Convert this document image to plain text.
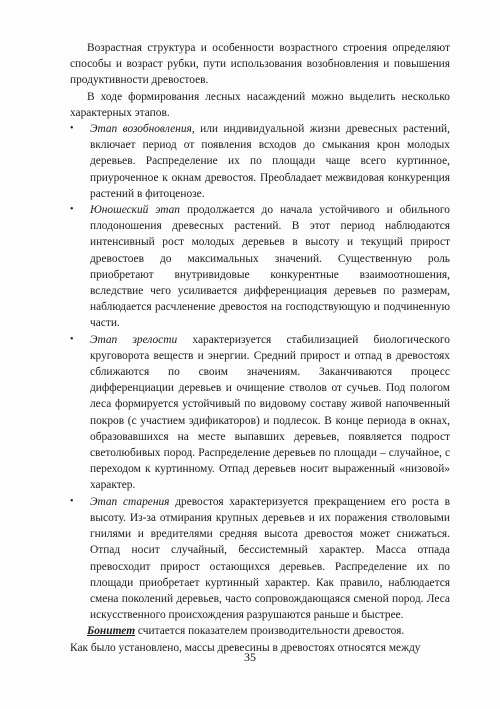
Возрастная структура и особенности возрастного строения определяют способы и возраст рубки, пути использования возобновления и повышения продуктивности древостоев.

В ходе формирования лесных насаждений можно выделить несколько характерных этапов.

• Этап возобновления, или индивидуальной жизни древесных растений, включает период от появления всходов до смыкания крон молодых деревьев. Распределение их по площади чаще всего куртинное, приуроченное к окнам древостоя. Преобладает межвидовая конкуренция растений в фитоценозе.
• Юношеский этап продолжается до начала устойчивого и обильного плодоношения древесных растений. В этот период наблюдаются интенсивный рост молодых деревьев в высоту и текущий прирост древостоев до максимальных значений. Существенную роль приобретают внутривидовые конкурентные взаимоотношения, вследствие чего усиливается дифференциация деревьев по размерам, наблюдается расчленение древостоя на господствующую и подчиненную части.
• Этап зрелости характеризуется стабилизацией биологического круговорота веществ и энергии. Средний прирост и отпад в древостоях сближаются по своим значениям. Заканчиваются процесс дифференциации деревьев и очищение стволов от сучьев. Под пологом леса формируется устойчивый по видовому составу живой напочвенный покров (с участием эдификаторов) и подлесок. В конце периода в окнах, образовавшихся на месте выпавших деревьев, появляется подрост светолюбивых пород. Распределение деревьев по площади – случайное, с переходом к куртинному. Отпад деревьев носит выраженный «низовой» характер.
• Этап старения древостоя характеризуется прекращением его роста в высоту. Из-за отмирания крупных деревьев и их поражения стволовыми гнилями и вредителями средняя высота древостоя может снижаться. Отпад носит случайный, бессистемный характер. Масса отпада превосходит прирост остающихся деревьев. Распределение их по площади приобретает куртинный характер. Как правило, наблюдается смена поколений деревьев, часто сопровождающаяся сменой пород. Леса искусственного происхождения разрушаются раньше и быстрее.

Бонитет считается показателем производительности древостоя.

Как было установлено, массы древесины в древостоях относятся между

35
